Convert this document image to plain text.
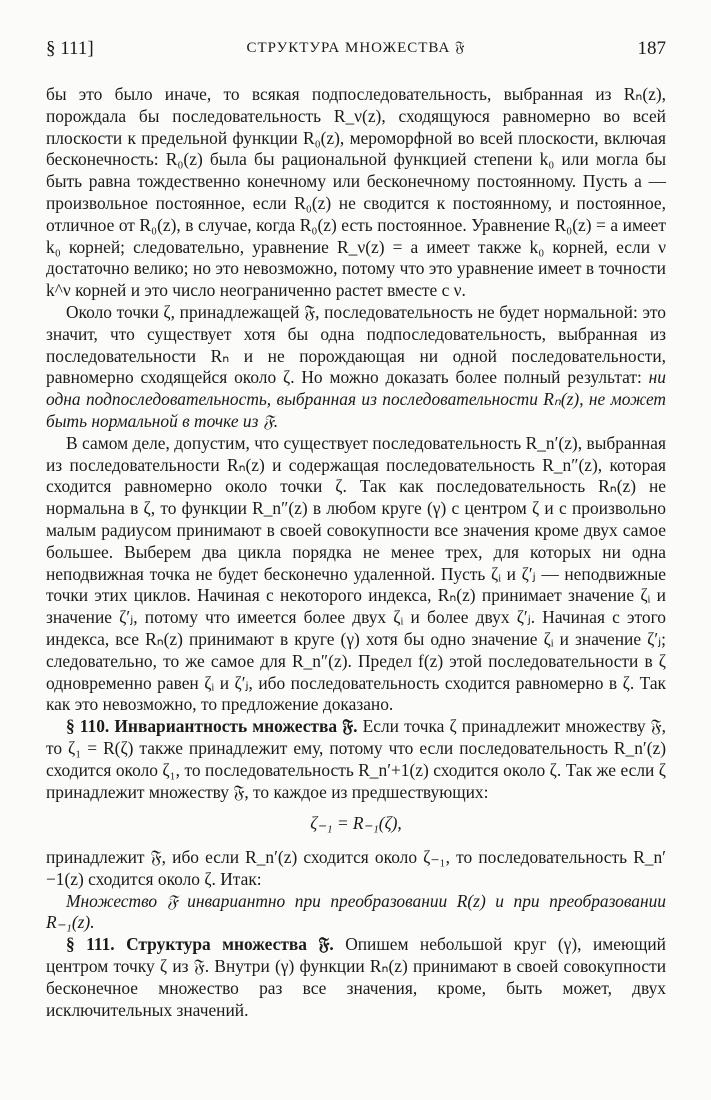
§ 111]	СТРУКТУРА МНОЖЕСТВА 𝔉	187

бы это было иначе, то всякая подпоследовательность, выбранная из Rₙ(z), порождала бы последовательность R_ν(z), сходящуюся равномерно во всей плоскости к предельной функции R₀(z), мероморфной во всей плоскости, включая бесконечность: R₀(z) была бы рациональной функцией степени k₀ или могла бы быть равна тождественно конечному или бесконечному постоянному. Пусть a — произвольное постоянное, если R₀(z) не сводится к постоянному, и постоянное, отличное от R₀(z), в случае, когда R₀(z) есть постоянное. Уравнение R₀(z) = a имеет k₀ корней; следовательно, уравнение R_ν(z) = a имеет также k₀ корней, если ν достаточно велико; но это невозможно, потому что это уравнение имеет в точности k^ν корней и это число неограниченно растет вместе с ν.

Около точки ζ, принадлежащей 𝔉, последовательность не будет нормальной: это значит, что существует хотя бы одна подпоследовательность, выбранная из последовательности Rₙ и не порождающая ни одной последовательности, равномерно сходящейся около ζ. Но можно доказать более полный результат: ни одна подпоследовательность, выбранная из последовательности Rₙ(z), не может быть нормальной в точке из 𝔉.

В самом деле, допустим, что существует последовательность R_n′(z), выбранная из последовательности Rₙ(z) и содержащая последовательность R_n″(z), которая сходится равномерно около точки ζ. Так как последовательность Rₙ(z) не нормальна в ζ, то функции R_n″(z) в любом круге (γ) с центром ζ и с произвольно малым радиусом принимают в своей совокупности все значения кроме двух самое большее. Выберем два цикла порядка не менее трех, для которых ни одна неподвижная точка не будет бесконечно удаленной. Пусть ζᵢ и ζ′ⱼ — неподвижные точки этих циклов. Начиная с некоторого индекса, Rₙ(z) принимает значение ζᵢ и значение ζ′ⱼ, потому что имеется более двух ζᵢ и более двух ζ′ⱼ. Начиная с этого индекса, все Rₙ(z) принимают в круге (γ) хотя бы одно значение ζᵢ и значение ζ′ⱼ; следовательно, то же самое для R_n″(z). Предел f(z) этой последовательности в ζ одновременно равен ζᵢ и ζ′ⱼ, ибо последовательность сходится равномерно в ζ. Так как это невозможно, то предложение доказано.

§ 110. Инвариантность множества 𝔉. Если точка ζ принадлежит множеству 𝔉, то ζ₁ = R(ζ) также принадлежит ему, потому что если последовательность R_n′(z) сходится около ζ₁, то последовательность R_n′+1(z) сходится около ζ. Так же если ζ принадлежит множеству 𝔉, то каждое из предшествующих:

ζ₋₁ = R₋₁(ζ),

принадлежит 𝔉, ибо если R_n′(z) сходится около ζ₋₁, то последовательность R_n′−1(z) сходится около ζ. Итак:

Множество 𝔉 инвариантно при преобразовании R(z) и при преобразовании R₋₁(z).

§ 111. Структура множества 𝔉. Опишем небольшой круг (γ), имеющий центром точку ζ из 𝔉. Внутри (γ) функции Rₙ(z) принимают в своей совокупности бесконечное множество раз все значения, кроме, быть может, двух исключительных значений.
